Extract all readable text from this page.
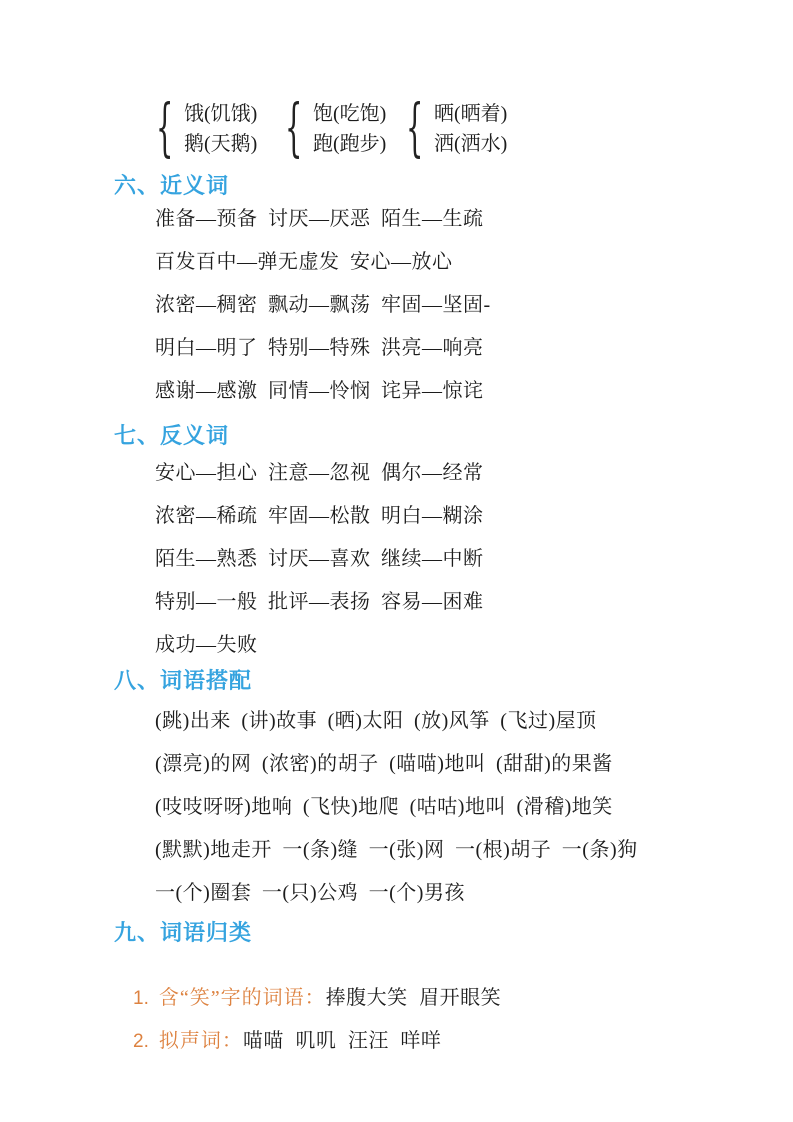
{ 饿(饥饿)
鹅(天鹅) { 饱(吃饱)
跑(跑步) { 晒(晒着)
洒(洒水)
六、近义词
准备—预备 讨厌—厌恶 陌生—生疏
百发百中—弹无虚发 安心—放心
浓密—稠密 飘动—飘荡 牢固—坚固-
明白—明了 特别—特殊 洪亮—响亮
感谢—感激 同情—怜悯 诧异—惊诧
七、反义词
安心—担心 注意—忽视 偶尔—经常
浓密—稀疏 牢固—松散 明白—糊涂
陌生—熟悉 讨厌—喜欢 继续—中断
特别—一般 批评—表扬 容易—困难
成功—失败
八、词语搭配
(跳)出来 (讲)故事 (晒)太阳 (放)风筝 (飞过)屋顶
(漂亮)的网 (浓密)的胡子 (喵喵)地叫 (甜甜)的果酱
(吱吱呀呀)地响 (飞快)地爬 (咕咕)地叫 (滑稽)地笑
(默默)地走开 一(条)缝 一(张)网 一(根)胡子 一(条)狗
一(个)圈套 一(只)公鸡 一(个)男孩
九、词语归类

1. 含“笑”字的词语：捧腹大笑 眉开眼笑

2. 拟声词：喵喵 叽叽 汪汪 咩咩
